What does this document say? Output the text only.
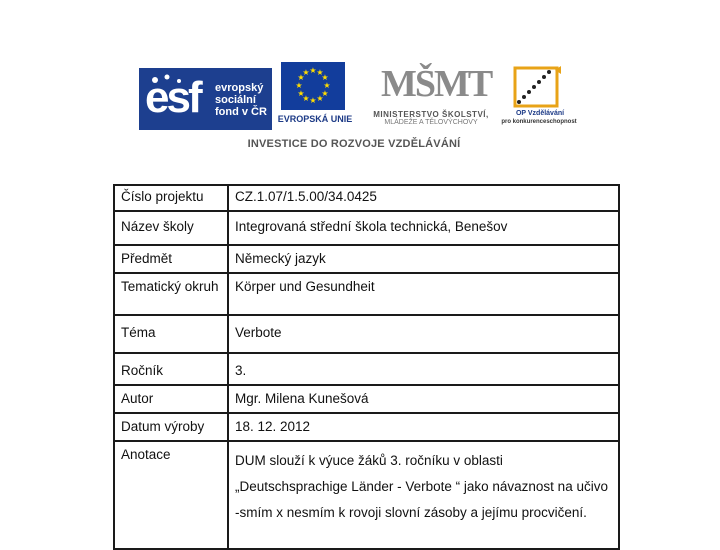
esf evropský
sociální
fond v ČR
★ ★
★
★
★
★
★
★
★
★
★
★
EVROPSKÁ UNIE
MŠMT
MINISTERSTVO ŠKOLSTVÍ,
MLÁDEŽE A TĚLOVÝCHOVY
OP Vzdělávání
pro konkurenceschopnost
INVESTICE DO ROZVOJE VZDĚLÁVÁNÍ
Číslo projektu	CZ.1.07/1.5.00/34.0425
Název školy	Integrovaná střední škola technická, Benešov
Předmět	Německý jazyk
Tematický okruh	Körper und Gesundheit
Téma	Verbote
Ročník	3.
Autor	Mgr. Milena Kunešová
Datum výroby	18. 12. 2012
Anotace	DUM slouží k výuce žáků 3. ročníku v oblasti „Deutschsprachige Länder - Verbote “ jako návaznost na učivo -smím x nesmím k rovoji slovní zásoby a jejímu procvičení.
